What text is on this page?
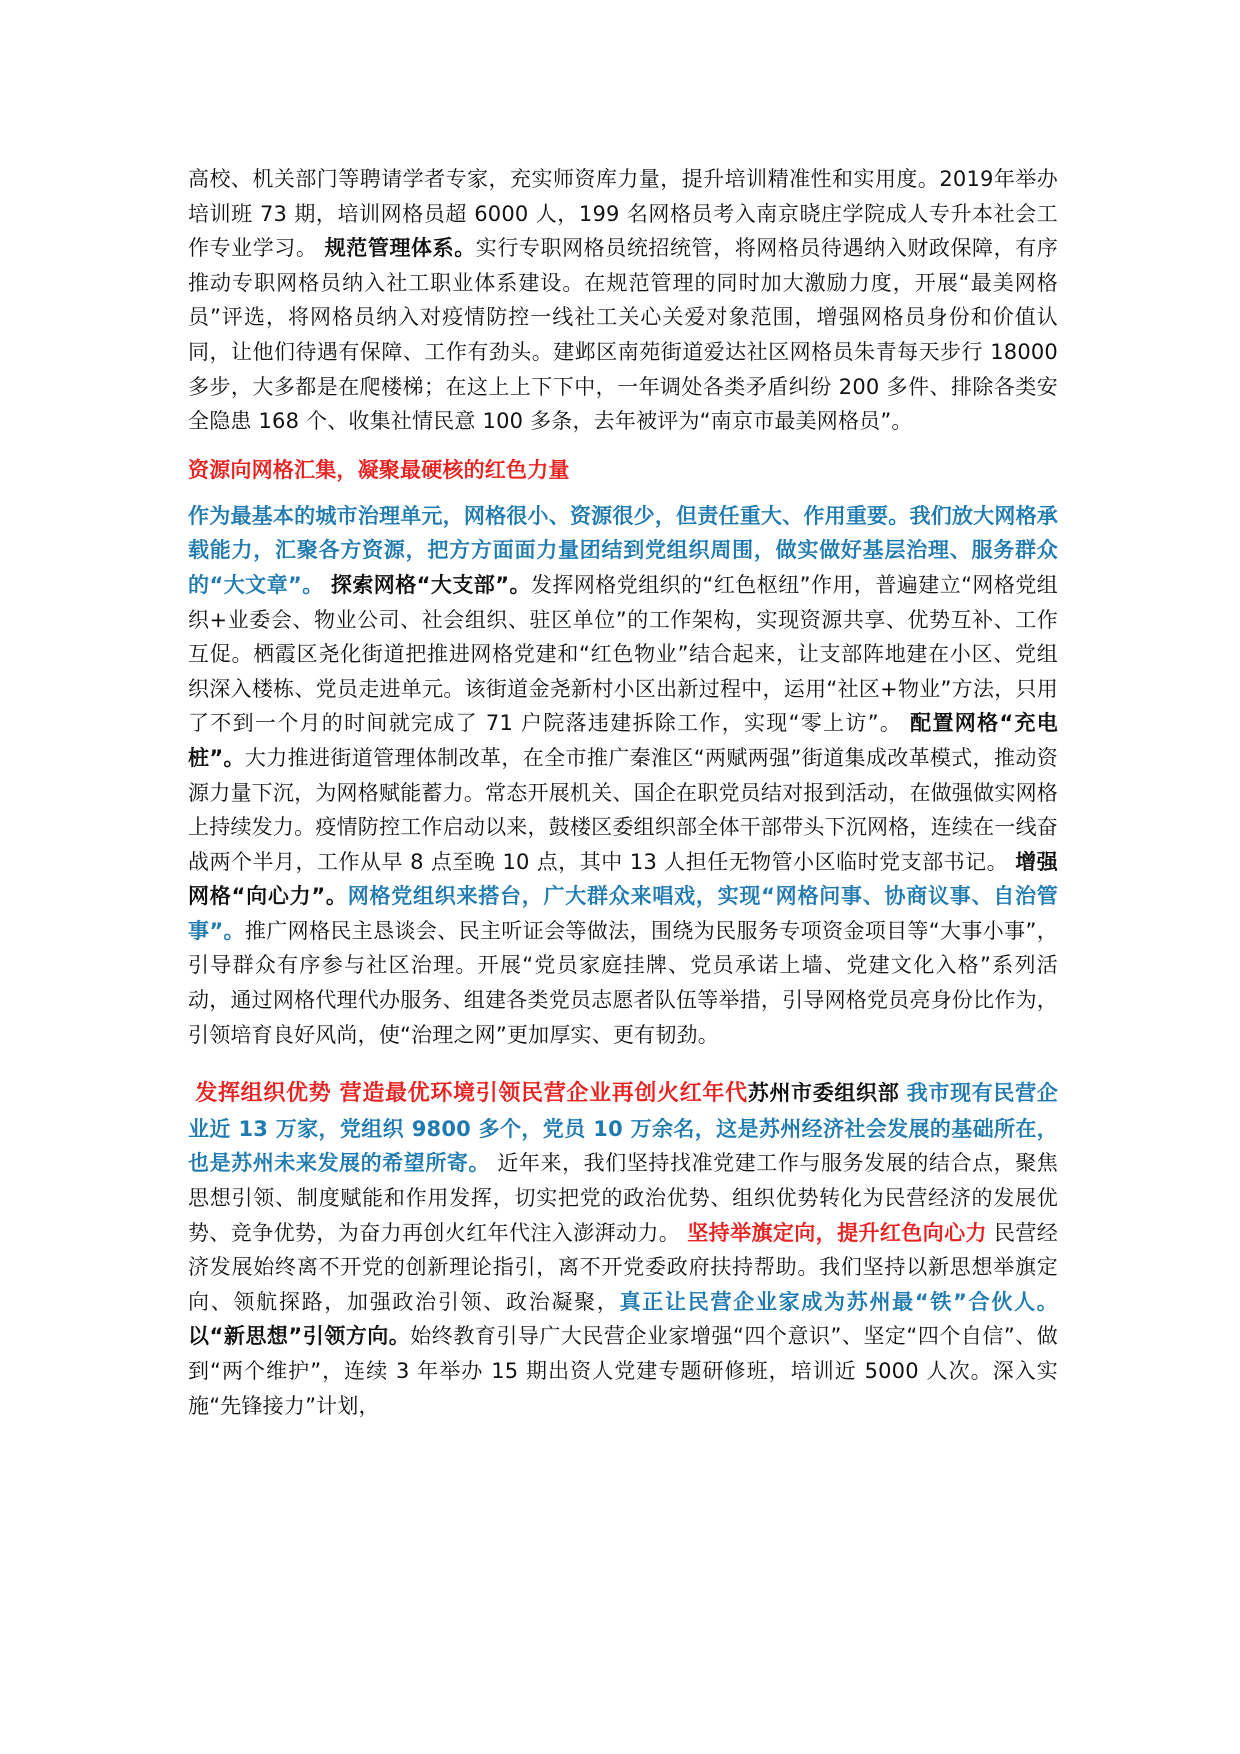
高校、机关部门等聘请学者专家，充实师资库力量，提升培训精准性和实用度。2019年举办培训班 73 期，培训网格员超 6000 人，199 名网格员考入南京晓庄学院成人专升本社会工作专业学习。 规范管理体系。实行专职网格员统招统管，将网格员待遇纳入财政保障，有序推动专职网格员纳入社工职业体系建设。在规范管理的同时加大激励力度，开展“最美网格员”评选，将网格员纳入对疫情防控一线社工关心关爱对象范围，增强网格员身份和价值认同，让他们待遇有保障、工作有劲头。建邺区南苑街道爱达社区网格员朱青每天步行 18000 多步，大多都是在爬楼梯；在这上上下下中，一年调处各类矛盾纠纷 200 多件、排除各类安全隐患 168 个、收集社情民意 100 多条，去年被评为“南京市最美网格员”。

资源向网格汇集，凝聚最硬核的红色力量

作为最基本的城市治理单元，网格很小、资源很少，但责任重大、作用重要。我们放大网格承载能力，汇聚各方资源，把方方面面力量团结到党组织周围，做实做好基层治理、服务群众的“大文章”。 探索网格“大支部”。发挥网格党组织的“红色枢纽”作用，普遍建立“网格党组织+业委会、物业公司、社会组织、驻区单位”的工作架构，实现资源共享、优势互补、工作互促。栖霞区尧化街道把推进网格党建和“红色物业”结合起来，让支部阵地建在小区、党组织深入楼栋、党员走进单元。该街道金尧新村小区出新过程中，运用“社区+物业”方法，只用了不到一个月的时间就完成了 71 户院落违建拆除工作，实现“零上访”。 配置网格“充电桩”。大力推进街道管理体制改革，在全市推广秦淮区“两赋两强”街道集成改革模式，推动资源力量下沉，为网格赋能蓄力。常态开展机关、国企在职党员结对报到活动，在做强做实网格上持续发力。疫情防控工作启动以来，鼓楼区委组织部全体干部带头下沉网格，连续在一线奋战两个半月，工作从早 8 点至晚 10 点，其中 13 人担任无物管小区临时党支部书记。 增强网格“向心力”。网格党组织来搭台，广大群众来唱戏，实现“网格问事、协商议事、自治管事”。推广网格民主恳谈会、民主听证会等做法，围绕为民服务专项资金项目等“大事小事”，引导群众有序参与社区治理。开展“党员家庭挂牌、党员承诺上墙、党建文化入格”系列活动，通过网格代理代办服务、组建各类党员志愿者队伍等举措，引导网格党员亮身份比作为，引领培育良好风尚，使“治理之网”更加厚实、更有韧劲。

发挥组织优势 营造最优环境引领民营企业再创火红年代苏州市委组织部 我市现有民营企业近 13 万家，党组织 9800 多个，党员 10 万余名，这是苏州经济社会发展的基础所在，也是苏州未来发展的希望所寄。 近年来，我们坚持找准党建工作与服务发展的结合点，聚焦思想引领、制度赋能和作用发挥，切实把党的政治优势、组织优势转化为民营经济的发展优势、竞争优势，为奋力再创火红年代注入澎湃动力。 坚持举旗定向，提升红色向心力 民营经济发展始终离不开党的创新理论指引，离不开党委政府扶持帮助。我们坚持以新思想举旗定向、领航探路，加强政治引领、政治凝聚，真正让民营企业家成为苏州最“铁”合伙人。 以“新思想”引领方向。始终教育引导广大民营企业家增强“四个意识”、坚定“四个自信”、做到“两个维护”，连续 3 年举办 15 期出资人党建专题研修班，培训近 5000 人次。深入实施“先锋接力”计划，
